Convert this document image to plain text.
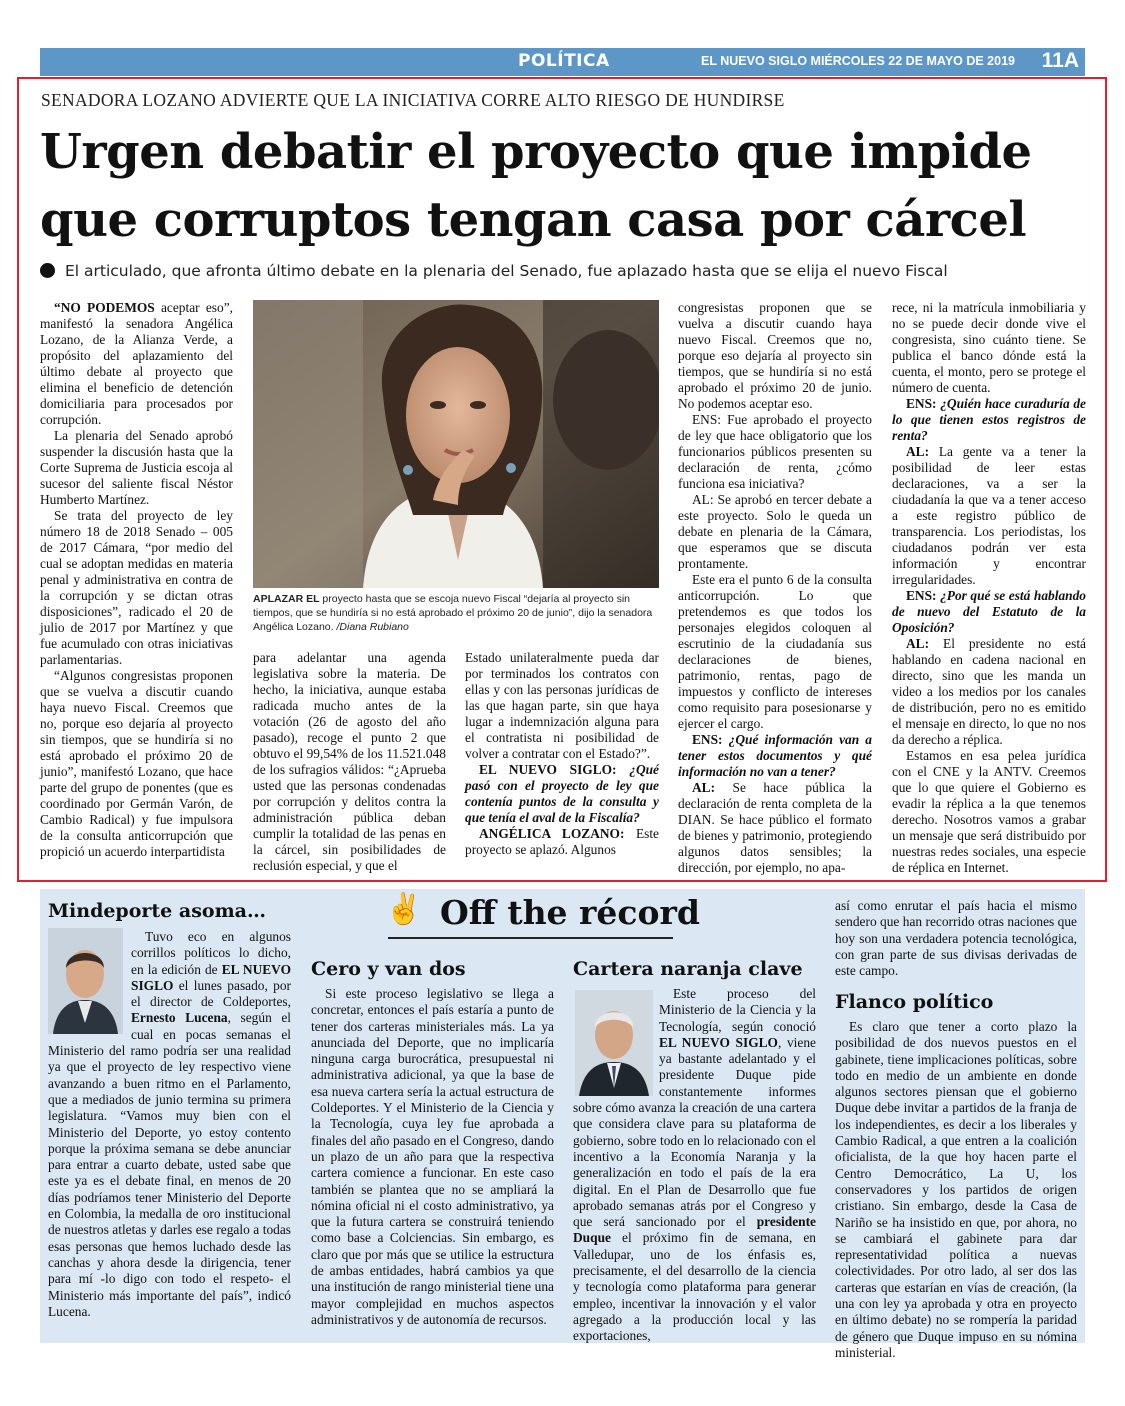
POLÍTICA	EL NUEVO SIGLO MIÉRCOLES 22 DE MAYO DE 2019 11A
SENADORA LOZANO ADVIERTE QUE LA INICIATIVA CORRE ALTO RIESGO DE HUNDIRSE
Urgen debatir el proyecto que impide
que corruptos tengan casa por cárcel
El articulado, que afronta último debate en la plenaria del Senado, fue aplazado hasta que se elija el nuevo Fiscal

“NO PODEMOS aceptar eso”, manifestó la senadora Angélica Lozano, de la Alianza Verde, a propósito del aplazamiento del último debate al proyecto que elimina el beneficio de detención domiciliaria para procesados por corrupción.

La plenaria del Senado aprobó suspender la discusión hasta que la Corte Suprema de Justicia escoja al sucesor del saliente fiscal Néstor Humberto Martínez.

Se trata del proyecto de ley número 18 de 2018 Senado – 005 de 2017 Cámara, “por medio del cual se adoptan medidas en materia penal y administrativa en contra de la corrupción y se dictan otras disposiciones”, radicado el 20 de julio de 2017 por Martínez y que fue acumulado con otras iniciativas parlamentarias.

“Algunos congresistas proponen que se vuelva a discutir cuando haya nuevo Fiscal. Creemos que no, porque eso dejaría al proyecto sin tiempos, que se hundiría si no está aprobado el próximo 20 de junio”, manifestó Lozano, que hace parte del grupo de ponentes (que es coordinado por Germán Varón, de Cambio Radical) y fue impulsora de la consulta anticorrupción que propició un acuerdo interpartidista

APLAZAR EL proyecto hasta que se escoja nuevo Fiscal “dejaría al proyecto sin tiempos, que se hundiría si no está aprobado el próximo 20 de junio”, dijo la senadora Angélica Lozano. /Diana Rubiano

para adelantar una agenda legislativa sobre la materia. De hecho, la iniciativa, aunque estaba radicada mucho antes de la votación (26 de agosto del año pasado), recoge el punto 2 que obtuvo el 99,54% de los 11.521.048 de los sufragios válidos: “¿Aprueba usted que las personas condenadas por corrupción y delitos contra la administración pública deban cumplir la totalidad de las penas en la cárcel, sin posibilidades de reclusión especial, y que el

Estado unilateralmente pueda dar por terminados los contratos con ellas y con las personas jurídicas de las que hagan parte, sin que haya lugar a indemnización alguna para el contratista ni posibilidad de volver a contratar con el Estado?”.

EL NUEVO SIGLO: ¿Qué pasó con el proyecto de ley que contenía puntos de la consulta y que tenía el aval de la Fiscalía?

ANGÉLICA LOZANO: Este proyecto se aplazó. Algunos

congresistas proponen que se vuelva a discutir cuando haya nuevo Fiscal. Creemos que no, porque eso dejaría al proyecto sin tiempos, que se hundiría si no está aprobado el próximo 20 de junio. No podemos aceptar eso.

ENS: Fue aprobado el proyecto de ley que hace obligatorio que los funcionarios públicos presenten su declaración de renta, ¿cómo funciona esa iniciativa?

AL: Se aprobó en tercer debate a este proyecto. Solo le queda un debate en plenaria de la Cámara, que esperamos que se discuta prontamente.

Este era el punto 6 de la consulta anticorrupción. Lo que pretendemos es que todos los personajes elegidos coloquen al escrutinio de la ciudadanía sus declaraciones de bienes, patrimonio, rentas, pago de impuestos y conflicto de intereses como requisito para posesionarse y ejercer el cargo.

ENS: ¿Qué información van a tener estos documentos y qué información no van a tener?

AL: Se hace pública la declaración de renta completa de la DIAN. Se hace público el formato de bienes y patrimonio, protegiendo algunos datos sensibles; la dirección, por ejemplo, no apa-

rece, ni la matrícula inmobiliaria y no se puede decir donde vive el congresista, sino cuánto tiene. Se publica el banco dónde está la cuenta, el monto, pero se protege el número de cuenta.

ENS: ¿Quién hace curaduría de lo que tienen estos registros de renta?

AL: La gente va a tener la posibilidad de leer estas declaraciones, va a ser la ciudadanía la que va a tener acceso a este registro público de transparencia. Los periodistas, los ciudadanos podrán ver esta información y encontrar irregularidades.

ENS: ¿Por qué se está hablando de nuevo del Estatuto de la Oposición?

AL: El presidente no está hablando en cadena nacional en directo, sino que les manda un video a los medios por los canales de distribución, pero no es emitido el mensaje en directo, lo que no nos da derecho a réplica.

Estamos en esa pelea jurídica con el CNE y la ANTV. Creemos que lo que quiere el Gobierno es evadir la réplica a la que tenemos derecho. Nosotros vamos a grabar un mensaje que será distribuido por nuestras redes sociales, una especie de réplica en Internet.

✌ Off the récord
Mindeporte asoma…

Tuvo eco en algunos corrillos políticos lo dicho, en la edición de EL NUEVO SIGLO el lunes pasado, por el director de Coldeportes, Ernesto Lucena, según el cual en pocas semanas el Ministerio del ramo podría ser una realidad ya que el proyecto de ley respectivo viene avanzando a buen ritmo en el Parlamento, que a mediados de junio termina su primera legislatura. “Vamos muy bien con el Ministerio del Deporte, yo estoy contento porque la próxima semana se debe anunciar para entrar a cuarto debate, usted sabe que este ya es el debate final, en menos de 20 días podríamos tener Ministerio del Deporte en Colombia, la medalla de oro institucional de nuestros atletas y darles ese regalo a todas esas personas que hemos luchado desde las canchas y ahora desde la dirigencia, tener para mí -lo digo con todo el respeto- el Ministerio más importante del país”, indicó Lucena.

Cero y van dos

Si este proceso legislativo se llega a concretar, entonces el país estaría a punto de tener dos carteras ministeriales más. La ya anunciada del Deporte, que no implicaría ninguna carga burocrática, presupuestal ni administrativa adicional, ya que la base de esa nueva cartera sería la actual estructura de Coldeportes. Y el Ministerio de la Ciencia y la Tecnología, cuya ley fue aprobada a finales del año pasado en el Congreso, dando un plazo de un año para que la respectiva cartera comience a funcionar. En este caso también se plantea que no se ampliará la nómina oficial ni el costo administrativo, ya que la futura cartera se construirá teniendo como base a Colciencias. Sin embargo, es claro que por más que se utilice la estructura de ambas entidades, habrá cambios ya que una institución de rango ministerial tiene una mayor complejidad en muchos aspectos administrativos y de autonomía de recursos.

Cartera naranja clave

Este proceso del Ministerio de la Ciencia y la Tecnología, según conoció EL NUEVO SIGLO, viene ya bastante adelantado y el presidente Duque pide constantemente informes sobre cómo avanza la creación de una cartera que considera clave para su plataforma de gobierno, sobre todo en lo relacionado con el incentivo a la Economía Naranja y la generalización en todo el país de la era digital. En el Plan de Desarrollo que fue aprobado semanas atrás por el Congreso y que será sancionado por el presidente Duque el próximo fin de semana, en Valledupar, uno de los énfasis es, precisamente, el del desarrollo de la ciencia y tecnología como plataforma para generar empleo, incentivar la innovación y el valor agregado a la producción local y las exportaciones,

así como enrutar el país hacia el mismo sendero que han recorrido otras naciones que hoy son una verdadera potencia tecnológica, con gran parte de sus divisas derivadas de este campo.

Flanco político

Es claro que tener a corto plazo la posibilidad de dos nuevos puestos en el gabinete, tiene implicaciones políticas, sobre todo en medio de un ambiente en donde algunos sectores piensan que el gobierno Duque debe invitar a partidos de la franja de los independientes, es decir a los liberales y Cambio Radical, a que entren a la coalición oficialista, de la que hoy hacen parte el Centro Democrático, La U, los conservadores y los partidos de origen cristiano. Sin embargo, desde la Casa de Nariño se ha insistido en que, por ahora, no se cambiará el gabinete para dar representatividad política a nuevas colectividades. Por otro lado, al ser dos las carteras que estarían en vías de creación, (la una con ley ya aprobada y otra en proyecto en último debate) no se rompería la paridad de género que Duque impuso en su nómina ministerial.
